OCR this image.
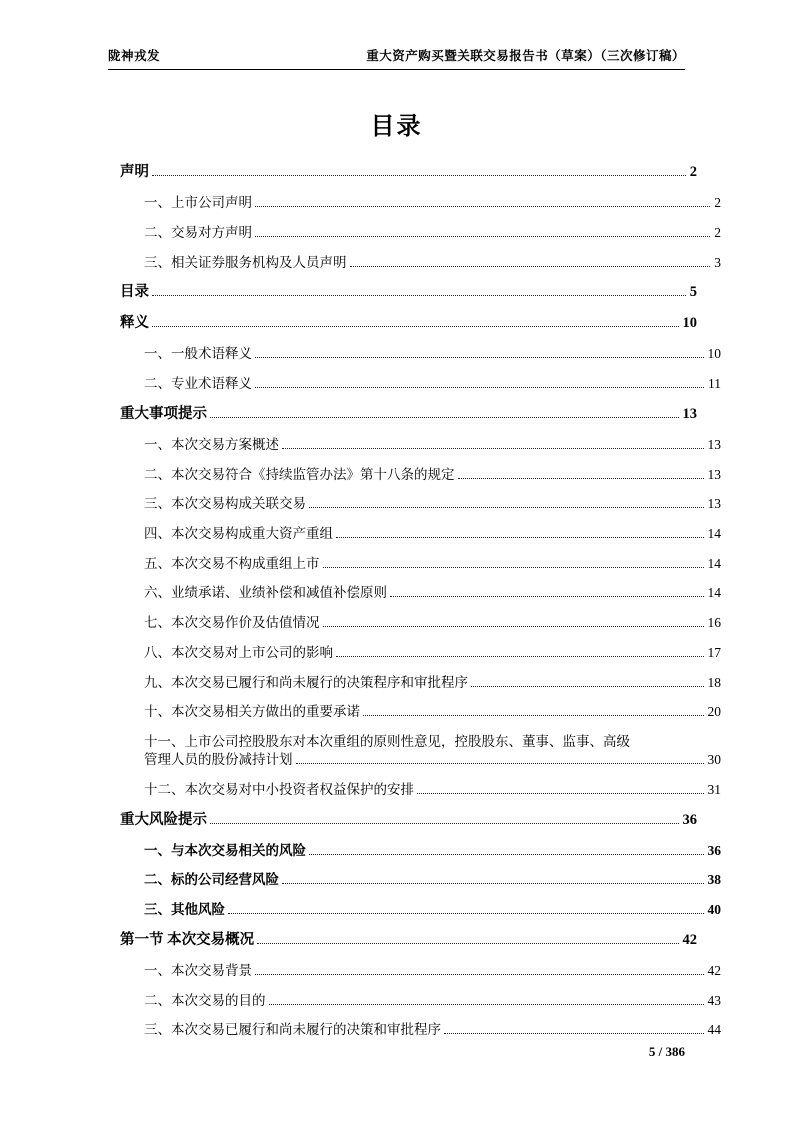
陇神戎发	重大资产购买暨关联交易报告书（草案）（三次修订稿）
目录
声明	2
一、上市公司声明	2
二、交易对方声明	2
三、相关证券服务机构及人员声明	3
目录	5
释义	10
一、一般术语释义	10
二、专业术语释义	11
重大事项提示	13
一、本次交易方案概述	13
二、本次交易符合《持续监管办法》第十八条的规定	13
三、本次交易构成关联交易	13
四、本次交易构成重大资产重组	14
五、本次交易不构成重组上市	14
六、业绩承诺、业绩补偿和减值补偿原则	14
七、本次交易作价及估值情况	16
八、本次交易对上市公司的影响	17
九、本次交易已履行和尚未履行的决策程序和审批程序	18
十、本次交易相关方做出的重要承诺	20
十一、上市公司控股股东对本次重组的原则性意见，控股股东、董事、监事、高级
管理人员的股份减持计划	30
十二、本次交易对中小投资者权益保护的安排	31
重大风险提示	36
一、与本次交易相关的风险	36
二、标的公司经营风险	38
三、其他风险	40
第一节 本次交易概况	42
一、本次交易背景	42
二、本次交易的目的	43
三、本次交易已履行和尚未履行的决策和审批程序	44
5 / 386
